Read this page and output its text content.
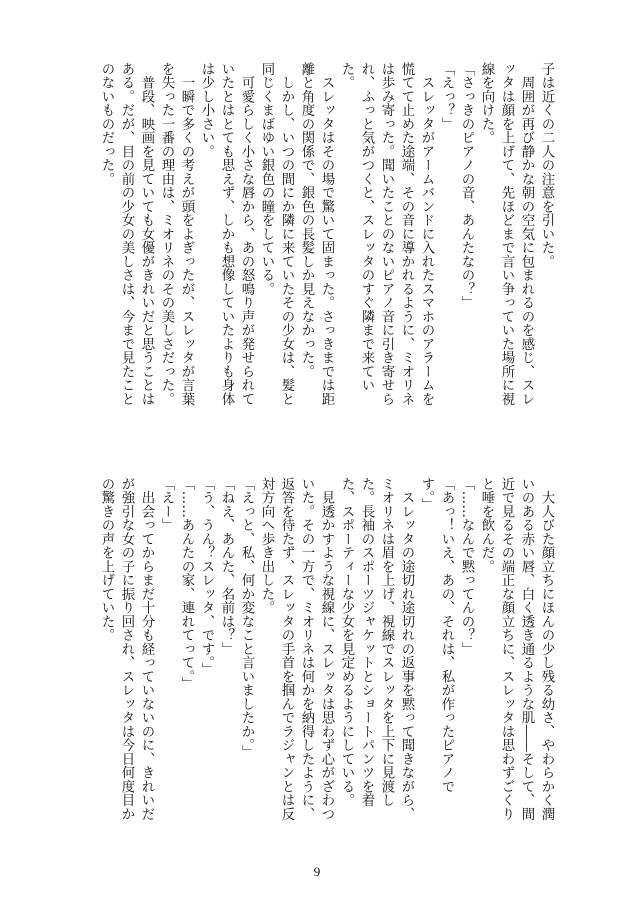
子は近くの二人の注意を引いた。
　周囲が再び静かな朝の空気に包まれるのを感じ、スレ
ッタは顔を上げて、先ほどまで言い争っていた場所に視
線を向けた。
「さっきのピアノの音、あんたなの？」
「えっ？」
　スレッタがアームバンドに入れたスマホのアラームを
慌てて止めた途端、その音に導かれるように、ミオリネ
は歩み寄った。聞いたことのないピアノ音に引き寄せら
れ、ふっと気がつくと、スレッタのすぐ隣まで来てい
た。
　スレッタはその場で驚いて固まった。さっきまでは距
離と角度の関係で、銀色の長髪しか見えなかった。
　しかし、いつの間にか隣に来ていたその少女は、髪と
同じくまばゆい銀色の瞳をしている。
　可愛らしく小さな唇から、あの怒鳴り声が発せられて
いたとはとても思えず、しかも想像していたよりも身体
は少し小さい。
　一瞬で多くの考えが頭をよぎったが、スレッタが言葉
を失った一番の理由は、ミオリネのその美しさだった。
　普段、映画を見ていても女優がきれいだと思うことは
ある。だが、目の前の少女の美しさは、今まで見たこと
のないものだった。
　大人びた顔立ちにほんの少し残る幼さ、やわらかく潤
いのある赤い唇、白く透き通るような肌――そして、間
近で見るその端正な顔立ちに、スレッタは思わずごくり
と唾を飲んだ。
「……なんで黙ってんの？」
「あっ！いえ、あの、それは、私が作ったピアノで
す。」
　スレッタの途切れ途切れの返事を黙って聞きながら、
ミオリネは眉を上げ、視線でスレッタを上下に見渡し
た。長袖のスポーツジャケットとショートパンツを着
た、スポーティーな少女を見定めるようにしている。
　見透かすような視線に、スレッタは思わず心がざわつ
いた。その一方で、ミオリネは何かを納得したように、
返答を待たず、スレッタの手首を掴んでラジャンとは反
対方向へ歩き出した。
「えっと、私、何か変なこと言いましたか。」
「ねえ、あんた、名前は？」
「う、うん？スレッタ、です。」
「……あんたの家、連れてって。」
「えー」
　出会ってからまだ十分も経っていないのに、きれいだ
が強引な女の子に振り回され、スレッタは今日何度目か
の驚きの声を上げていた。
9
